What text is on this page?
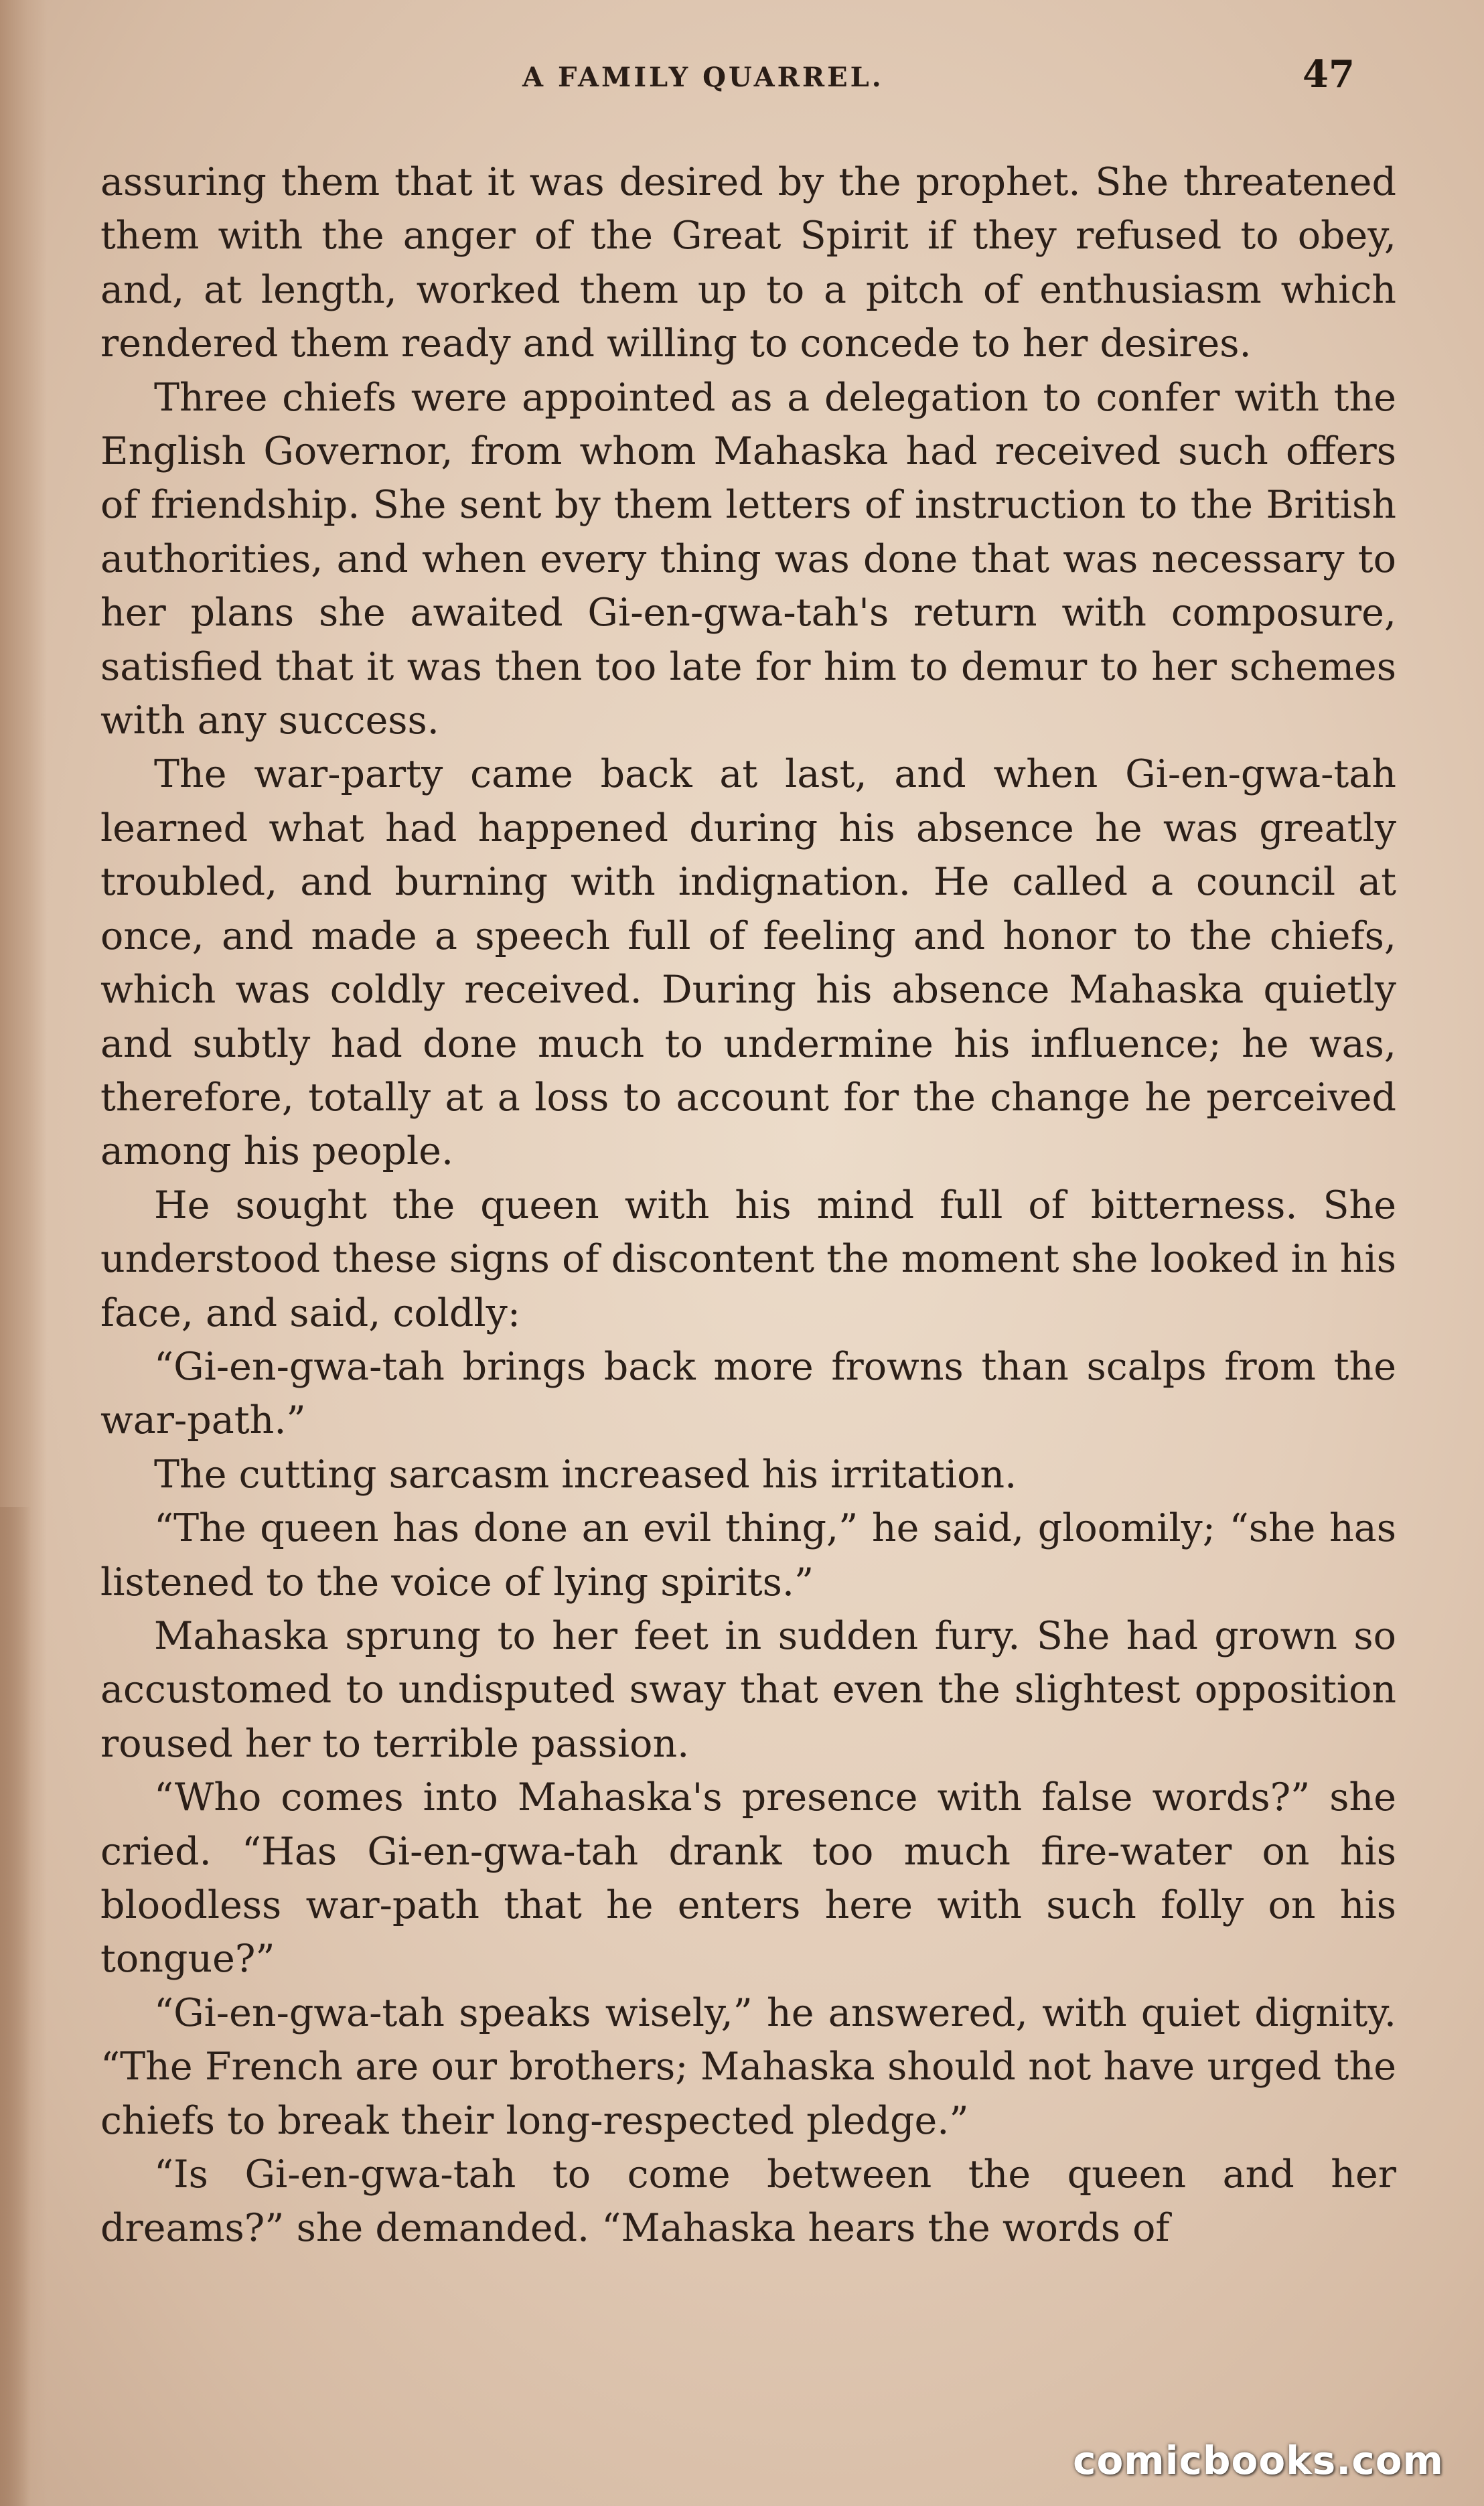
A FAMILY QUARREL.	47

assuring them that it was desired by the prophet. She threatened them with the anger of the Great Spirit if they refused to obey, and, at length, worked them up to a pitch of enthusiasm which rendered them ready and willing to concede to her desires.

Three chiefs were appointed as a delegation to confer with the English Governor, from whom Mahaska had received such offers of friendship. She sent by them letters of instruction to the British authorities, and when every thing was done that was necessary to her plans she awaited Gi-en-gwa-tah's return with composure, satisfied that it was then too late for him to demur to her schemes with any success.

The war-party came back at last, and when Gi-en-gwa-tah learned what had happened during his absence he was greatly troubled, and burning with indignation. He called a council at once, and made a speech full of feeling and honor to the chiefs, which was coldly received. During his absence Mahaska quietly and subtly had done much to undermine his influence; he was, therefore, totally at a loss to account for the change he perceived among his people.

He sought the queen with his mind full of bitterness. She understood these signs of discontent the moment she looked in his face, and said, coldly:

“Gi-en-gwa-tah brings back more frowns than scalps from the war-path.”

The cutting sarcasm increased his irritation.

“The queen has done an evil thing,” he said, gloomily; “she has listened to the voice of lying spirits.”

Mahaska sprung to her feet in sudden fury. She had grown so accustomed to undisputed sway that even the slightest opposition roused her to terrible passion.

“Who comes into Mahaska's presence with false words?” she cried. “Has Gi-en-gwa-tah drank too much fire-water on his bloodless war-path that he enters here with such folly on his tongue?”

“Gi-en-gwa-tah speaks wisely,” he answered, with quiet dignity. “The French are our brothers; Mahaska should not have urged the chiefs to break their long-respected pledge.”

“Is Gi-en-gwa-tah to come between the queen and her dreams?” she demanded. “Mahaska hears the words of

comicbooks.com
